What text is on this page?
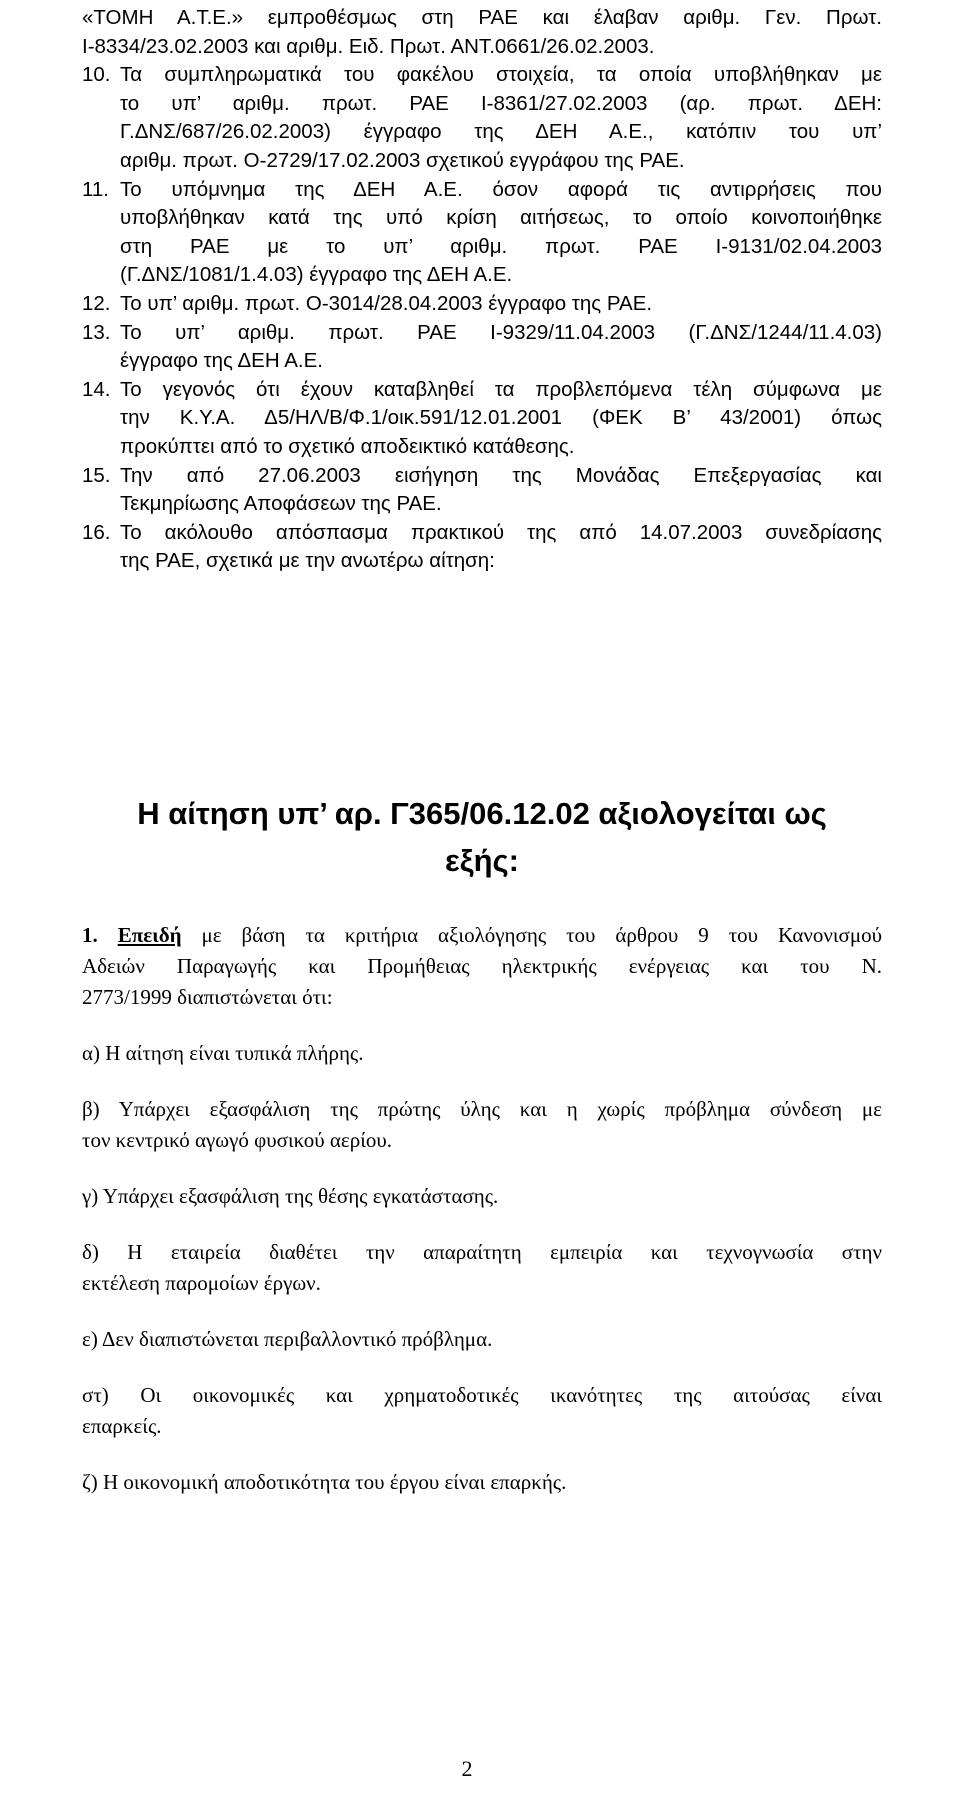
«ΤΟΜΗ Α.Τ.Ε.» εμπροθέσμως στη ΡΑΕ και έλαβαν αριθμ. Γεν. Πρωτ.
Ι-8334/23.02.2003 και αριθμ. Ειδ. Πρωτ. ΑΝΤ.0661/26.02.2003.
10. Τα συμπληρωματικά του φακέλου στοιχεία, τα οποία υποβλήθηκαν με
το υπ’ αριθμ. πρωτ. ΡΑΕ Ι-8361/27.02.2003 (αρ. πρωτ. ΔΕΗ:
Γ.ΔΝΣ/687/26.02.2003) έγγραφο της ΔΕΗ Α.Ε., κατόπιν του υπ’
αριθμ. πρωτ. Ο-2729/17.02.2003 σχετικού εγγράφου της ΡΑΕ.
11. Το υπόμνημα της ΔΕΗ Α.Ε. όσον αφορά τις αντιρρήσεις που
υποβλήθηκαν κατά της υπό κρίση αιτήσεως, το οποίο κοινοποιήθηκε
στη ΡΑΕ με το υπ’ αριθμ. πρωτ. ΡΑΕ Ι-9131/02.04.2003
(Γ.ΔΝΣ/1081/1.4.03) έγγραφο της ΔΕΗ Α.Ε.
12. Το υπ’ αριθμ. πρωτ. Ο-3014/28.04.2003 έγγραφο της ΡΑΕ.
13. Το υπ’ αριθμ. πρωτ. ΡΑΕ Ι-9329/11.04.2003 (Γ.ΔΝΣ/1244/11.4.03)
έγγραφο της ΔΕΗ Α.Ε.
14. Το γεγονός ότι έχουν καταβληθεί τα προβλεπόμενα τέλη σύμφωνα με
την Κ.Υ.Α. Δ5/ΗΛ/Β/Φ.1/οικ.591/12.01.2001 (ΦΕΚ Β’ 43/2001) όπως
προκύπτει από το σχετικό αποδεικτικό κατάθεσης.
15. Την από 27.06.2003 εισήγηση της Μονάδας Επεξεργασίας και
Τεκμηρίωσης Αποφάσεων της ΡΑΕ.
16. Το ακόλουθο απόσπασμα πρακτικού της από 14.07.2003 συνεδρίασης
της ΡΑΕ, σχετικά με την ανωτέρω αίτηση:
Η αίτηση υπ’ αρ. Γ365/06.12.02 αξιολογείται ως
εξής:
1. Επειδή με βάση τα κριτήρια αξιολόγησης του άρθρου 9 του Κανονισμού
Αδειών Παραγωγής και Προμήθειας ηλεκτρικής ενέργειας και του Ν.
2773/1999 διαπιστώνεται ότι:
α) Η αίτηση είναι τυπικά πλήρης.
β) Υπάρχει εξασφάλιση της πρώτης ύλης και η χωρίς πρόβλημα σύνδεση με
τον κεντρικό αγωγό φυσικού αερίου.
γ) Υπάρχει εξασφάλιση της θέσης εγκατάστασης.
δ) Η εταιρεία διαθέτει την απαραίτητη εμπειρία και τεχνογνωσία στην
εκτέλεση παρομοίων έργων.
ε) Δεν διαπιστώνεται περιβαλλοντικό πρόβλημα.
στ) Οι οικονομικές και χρηματοδοτικές ικανότητες της αιτούσας είναι
επαρκείς.
ζ) Η οικονομική αποδοτικότητα του έργου είναι επαρκής.
2
